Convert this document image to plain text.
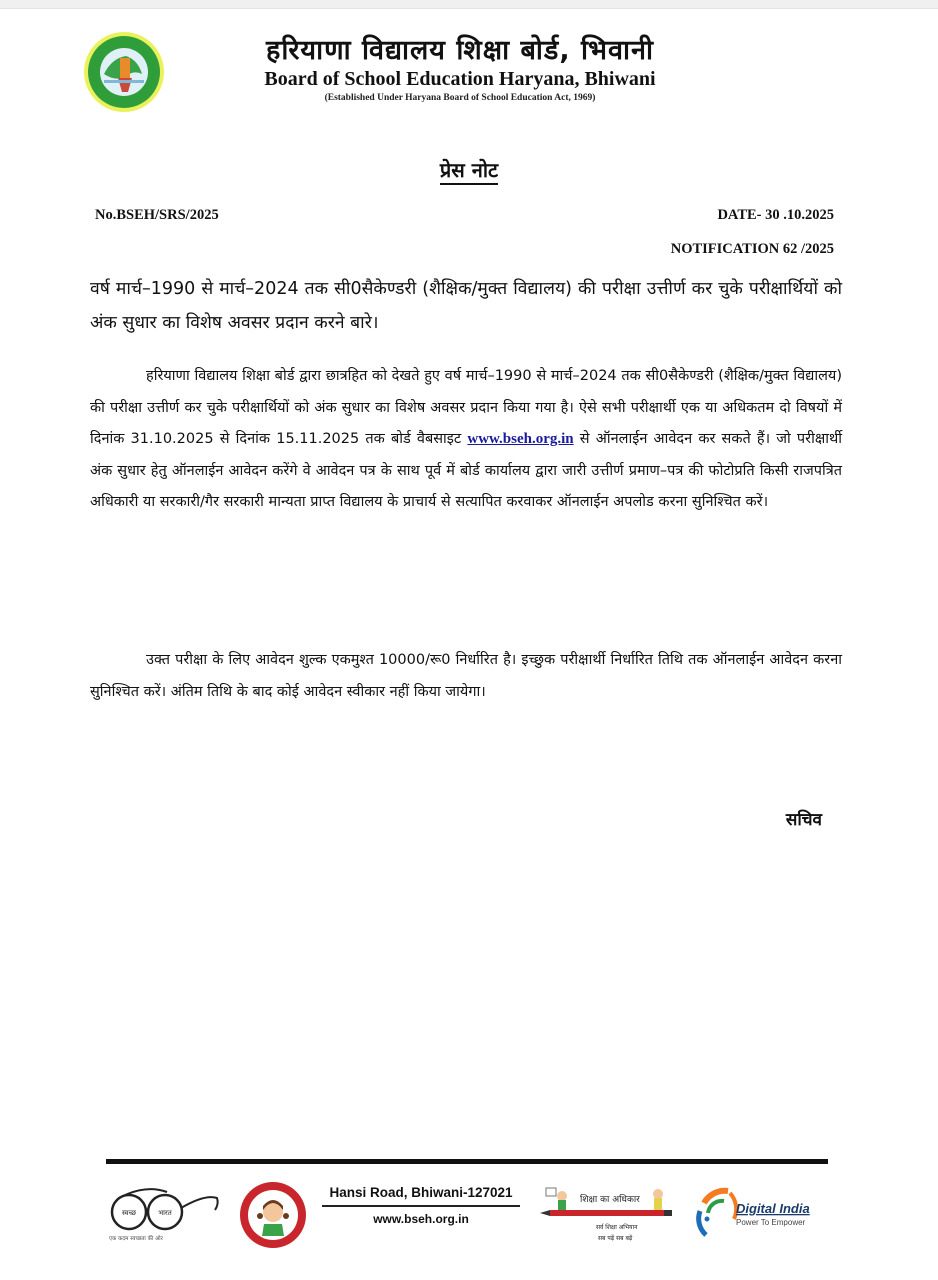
हरियाणा विद्यालय शिक्षा बोर्ड, भिवानी
Board of School Education Haryana, Bhiwani
(Established Under Haryana Board of School Education Act, 1969)
प्रेस नोट
No.BSEH/SRS/2025	DATE- 30 .10.2025
NOTIFICATION 62 /2025
वर्ष मार्च–1990 से मार्च–2024 तक सी0सैकेण्डरी (शैक्षिक/मुक्त विद्यालय) की परीक्षा उत्तीर्ण कर चुके परीक्षार्थियों को अंक सुधार का विशेष अवसर प्रदान करने बारे।
हरियाणा विद्यालय शिक्षा बोर्ड द्वारा छात्रहित को देखते हुए वर्ष मार्च–1990 से मार्च–2024 तक सी0सैकेण्डरी (शैक्षिक/मुक्त विद्यालय) की परीक्षा उत्तीर्ण कर चुके परीक्षार्थियों को अंक सुधार का विशेष अवसर प्रदान किया गया है। ऐसे सभी परीक्षार्थी एक या अधिकतम दो विषयों में दिनांक 31.10.2025 से दिनांक 15.11.2025 तक बोर्ड वैबसाइट www.bseh.org.in से ऑनलाईन आवेदन कर सकते हैं। जो परीक्षार्थी अंक सुधार हेतु ऑनलाईन आवेदन करेंगे वे आवेदन पत्र के साथ पूर्व में बोर्ड कार्यालय द्वारा जारी उत्तीर्ण प्रमाण–पत्र की फोटोप्रति किसी राजपत्रित अधिकारी या सरकारी/गैर सरकारी मान्यता प्राप्त विद्यालय के प्राचार्य से सत्यापित करवाकर ऑनलाईन अपलोड करना सुनिश्चित करें।
उक्त परीक्षा के लिए आवेदन शुल्क एकमुश्त 10000/रू0 निर्धारित है। इच्छुक परीक्षार्थी निर्धारित तिथि तक ऑनलाईन आवेदन करना सुनिश्चित करें। अंतिम तिथि के बाद कोई आवेदन स्वीकार नहीं किया जायेगा।
सचिव
स्वच्छ	भारत
एक कदम स्वच्छता की ओर
Hansi Road, Bhiwani-127021
www.bseh.org.in
शिक्षा का अधिकार
सर्व शिक्षा अभियान
सब पढ़ें सब बढ़ें
Digital India
Power To Empower
